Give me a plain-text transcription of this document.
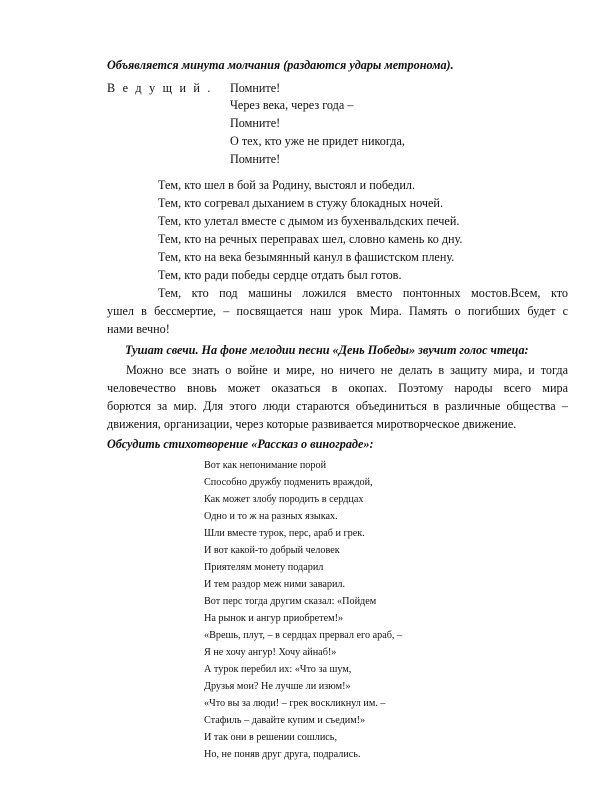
Объявляется минута молчания (раздаются удары метронома).
В е д у щ и й . Помните!
Через века, через года –
Помните!
О тех, кто уже не придет никогда,
Помните!
Тем, кто шел в бой за Родину, выстоял и победил.
Тем, кто согревал дыханием в стужу блокадных ночей.
Тем, кто улетал вместе с дымом из бухенвальдских печей.
Тем, кто на речных переправах шел, словно камень ко дну.
Тем, кто на века безымянный канул в фашистском плену.
Тем, кто ради победы сердце отдать был готов.
Тем, кто под машины ложился вместо понтонных мостов.Всем, кто
ушел в бессмертие, – посвящается наш урок Мира. Память о погибших будет с
нами вечно!
Тушат свечи. На фоне мелодии песни «День Победы» звучит голос чтеца:
Можно все знать о войне и мире, но ничего не делать в защиту мира, и тогда
человечество вновь может оказаться в окопах. Поэтому народы всего мира
борются за мир. Для этого люди стараются объединиться в различные общества –
движения, организации, через которые развивается миротворческое движение.
Обсудить стихотворение «Рассказ о винограде»:
Вот как непонимание порой
Способно дружбу подменить враждой,
Как может злобу породить в сердцах
Одно и то ж на разных языках.
Шли вместе турок, перс, араб и грек.
И вот какой-то добрый человек
Приятелям монету подарил
И тем раздор меж ними заварил.
Вот перс тогда другим сказал: «Пойдем
На рынок и ангур приобретем!»
«Врешь, плут, – в сердцах прервал его араб, –
Я не хочу ангур! Хочу айнаб!»
А турок перебил их: «Что за шум,
Друзья мои? Не лучше ли изюм!»
«Что вы за люди! – грек воскликнул им. –
Стафиль – давайте купим и съедим!»
И так они в решении сошлись,
Но, не поняв друг друга, подрались.
